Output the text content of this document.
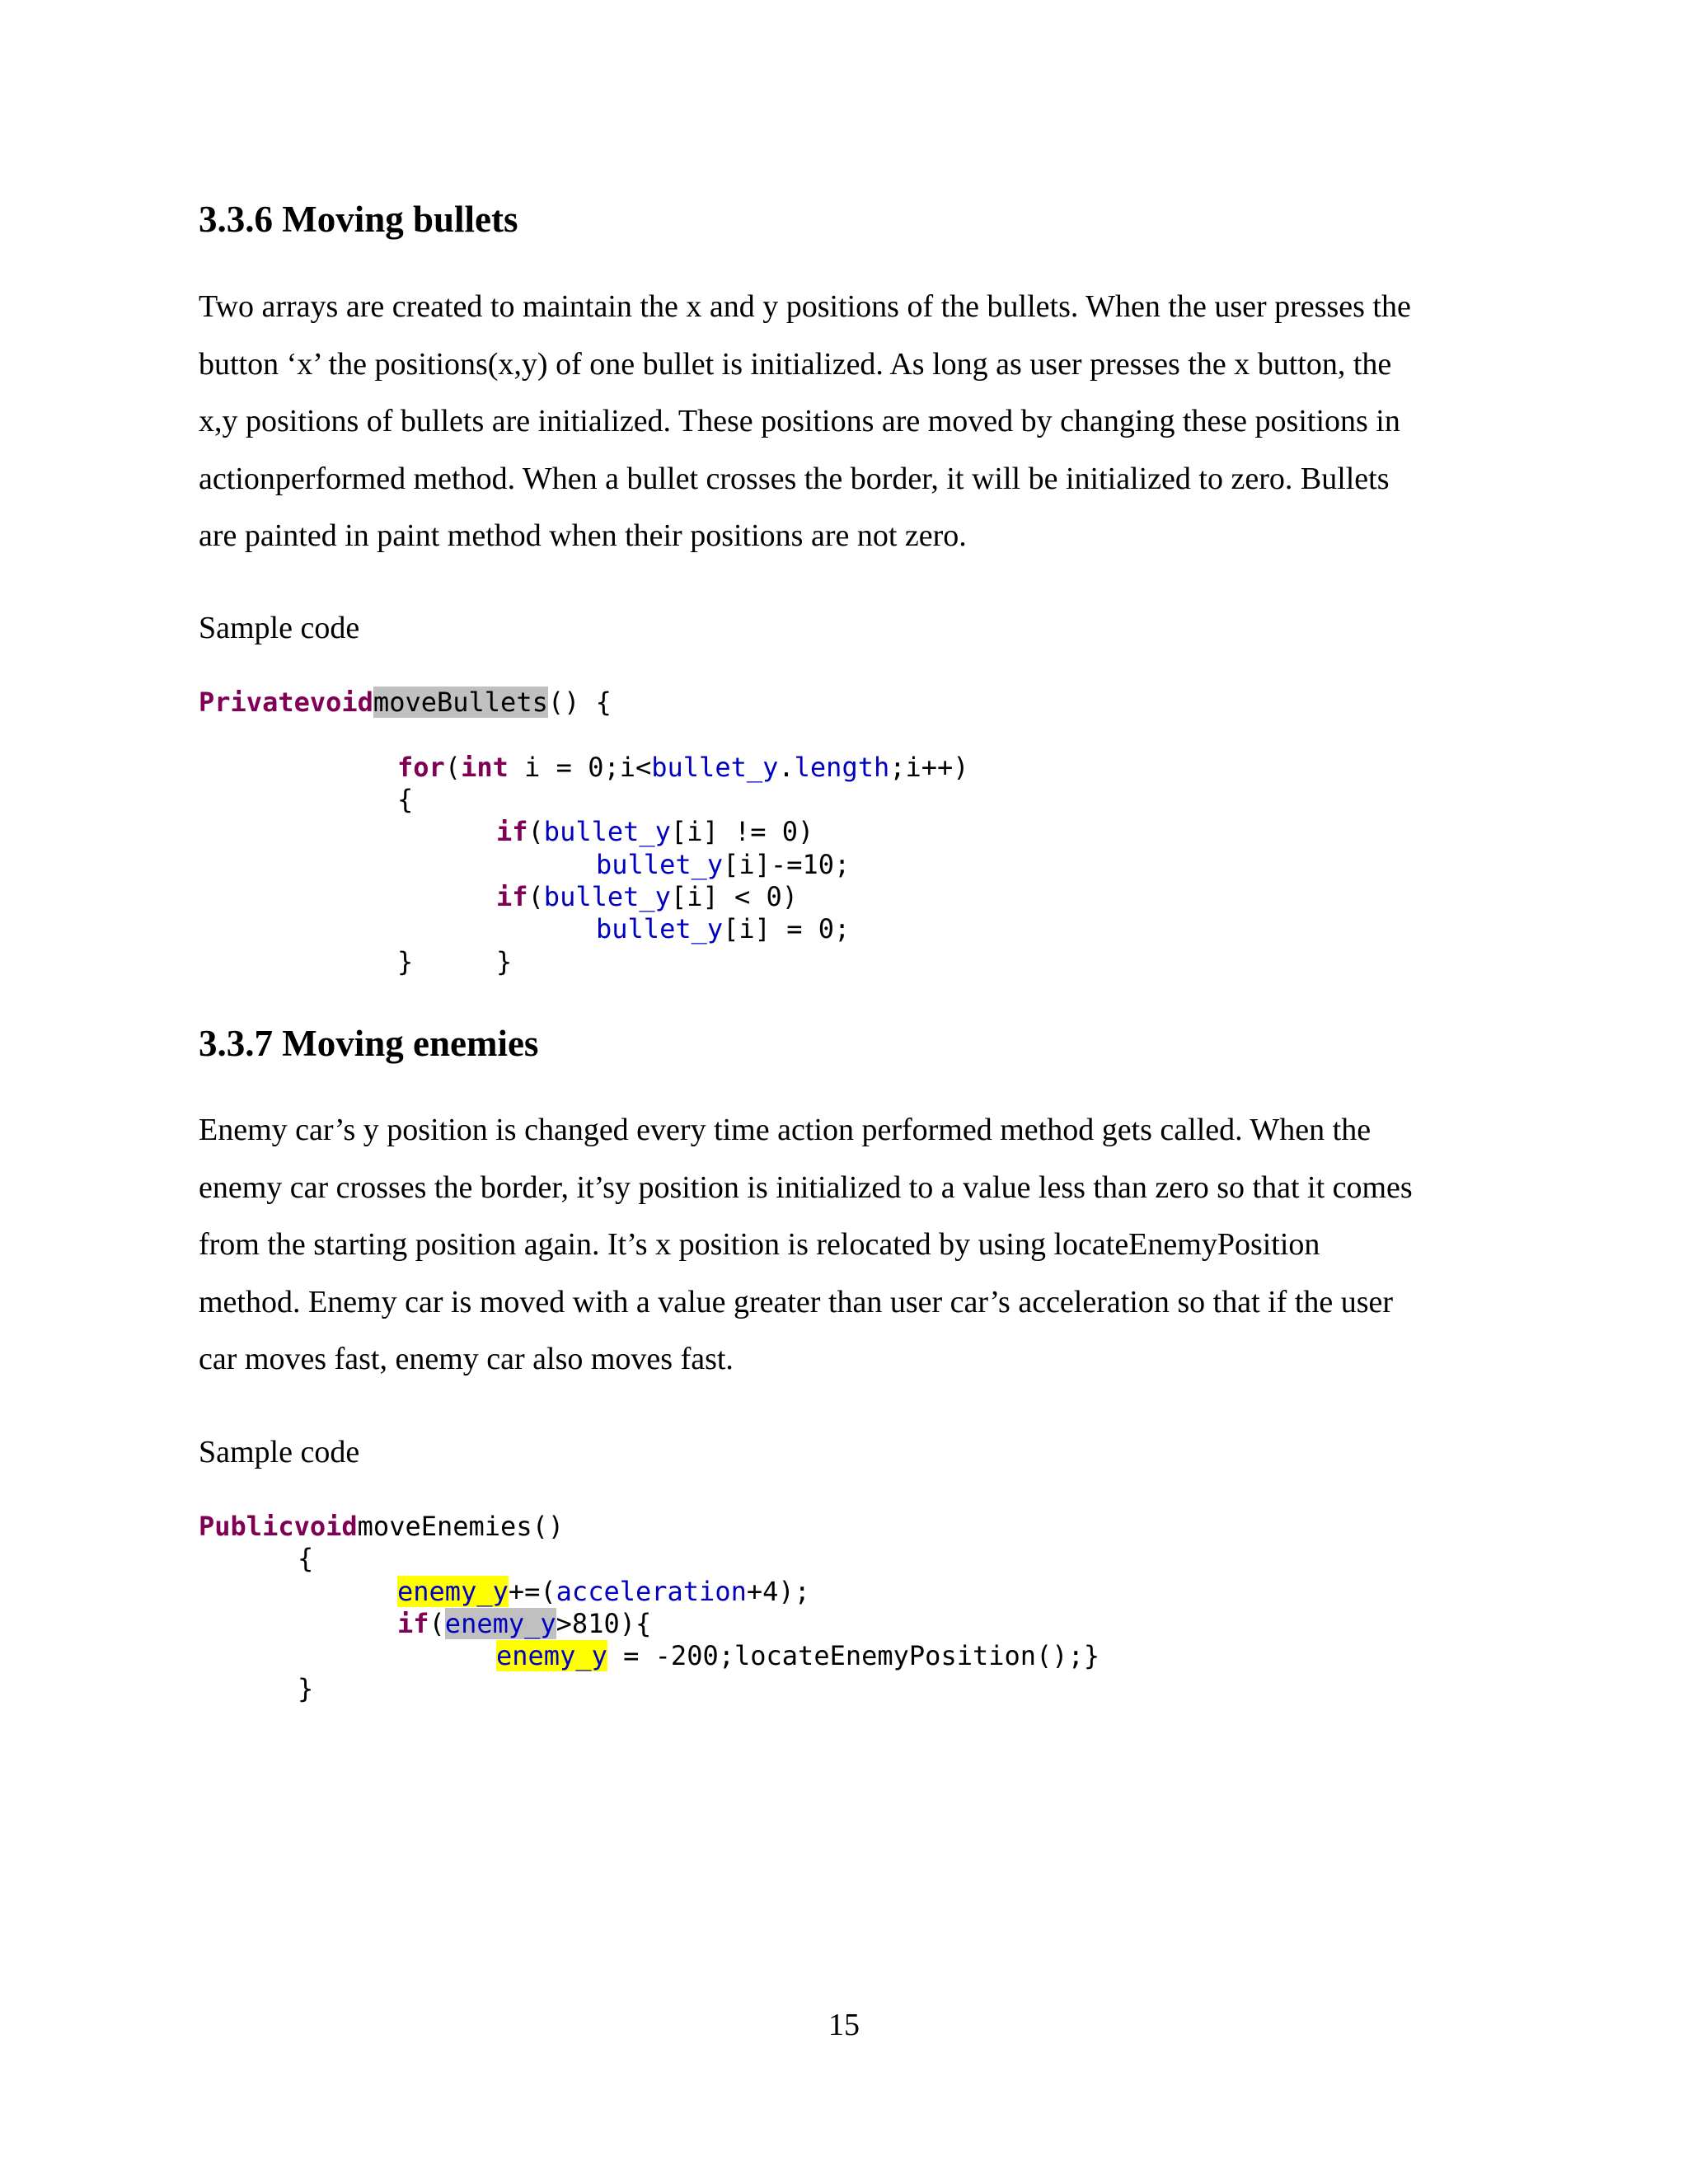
3.3.6 Moving bullets
Two arrays are created to maintain the x and y positions of the bullets. When the user presses the
button ‘x’ the positions(x,y) of one bullet is initialized. As long as user presses the x button, the
x,y positions of bullets are initialized. These positions are moved by changing these positions in
actionperformed method. When a bullet crosses the border, it will be initialized to zero. Bullets
are painted in paint method when their positions are not zero.
Sample code
PrivatevoidmoveBullets() {
for(int i = 0;i<bullet_y.length;i++)
{
if(bullet_y[i] != 0)
bullet_y[i]-=10;
if(bullet_y[i] < 0)
bullet_y[i] = 0;
}	}
3.3.7 Moving enemies
Enemy car’s y position is changed every time action performed method gets called. When the
enemy car crosses the border, it’sy position is initialized to a value less than zero so that it comes
from the starting position again. It’s x position is relocated by using locateEnemyPosition
method. Enemy car is moved with a value greater than user car’s acceleration so that if the user
car moves fast, enemy car also moves fast.
Sample code
PublicvoidmoveEnemies()
{
enemy_y+=(acceleration+4);
if(enemy_y>810){
enemy_y = -200;locateEnemyPosition();}
}
15
